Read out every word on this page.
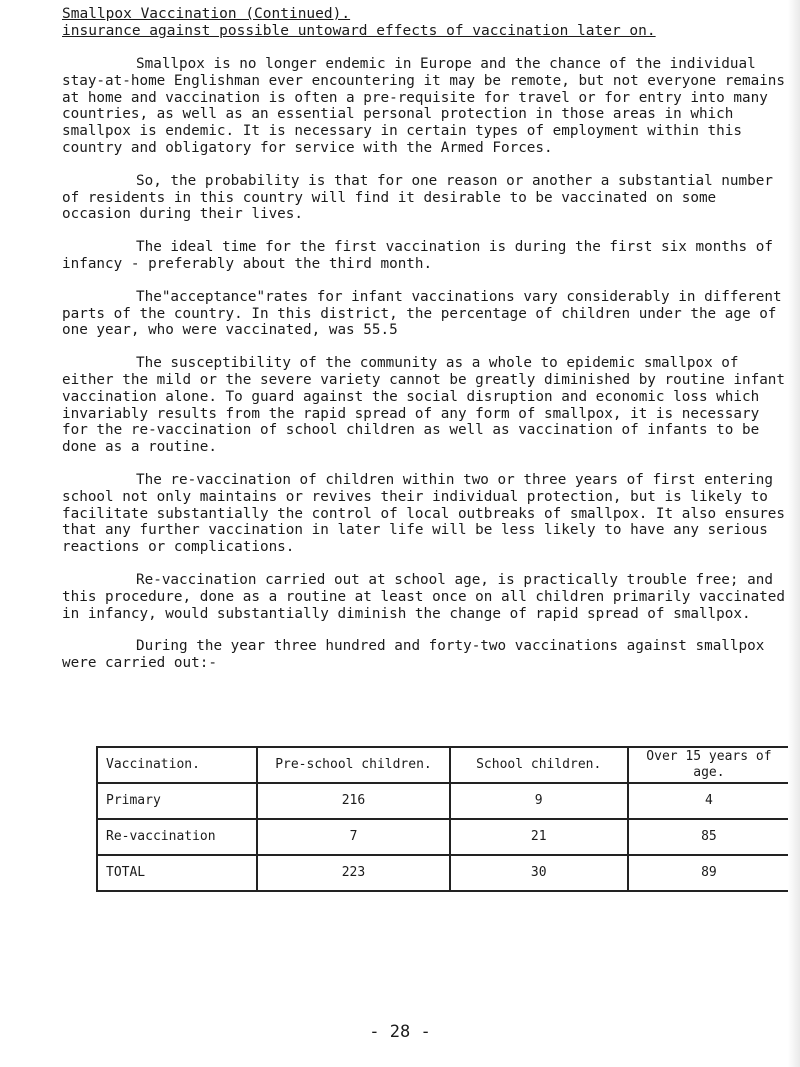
Smallpox Vaccination (Continued).
insurance against possible untoward effects of vaccination later on.

Smallpox is no longer endemic in Europe and the chance of the individual stay-at-home Englishman ever encountering it may be remote, but not everyone remains at home and vaccination is often a pre-requisite for travel or for entry into many countries, as well as an essential personal protection in those areas in which smallpox is endemic. It is necessary in certain types of employment within this country and obligatory for service with the Armed Forces.

So, the probability is that for one reason or another a substantial number of residents in this country will find it desirable to be vaccinated on some occasion during their lives.

The ideal time for the first vaccination is during the first six months of infancy - preferably about the third month.

The"acceptance"rates for infant vaccinations vary considerably in different parts of the country. In this district, the percentage of children under the age of one year, who were vaccinated, was 55.5

The susceptibility of the community as a whole to epidemic smallpox of either the mild or the severe variety cannot be greatly diminished by routine infant vaccination alone. To guard against the social disruption and economic loss which invariably results from the rapid spread of any form of smallpox, it is necessary for the re-vaccination of school children as well as vaccination of infants to be done as a routine.

The re-vaccination of children within two or three years of first entering school not only maintains or revives their individual protection, but is likely to facilitate substantially the control of local outbreaks of smallpox. It also ensures that any further vaccination in later life will be less likely to have any serious reactions or complications.

Re-vaccination carried out at school age, is practically trouble free; and this procedure, done as a routine at least once on all children primarily vaccinated in infancy, would substantially diminish the change of rapid spread of smallpox.

During the year three hundred and forty-two vaccinations against smallpox were carried out:-

Vaccination.	Pre-school children.	School children.	Over 15 years of age.
Primary	216	9	4
Re-vaccination	7	21	85
TOTAL	223	30	89
- 28 -
